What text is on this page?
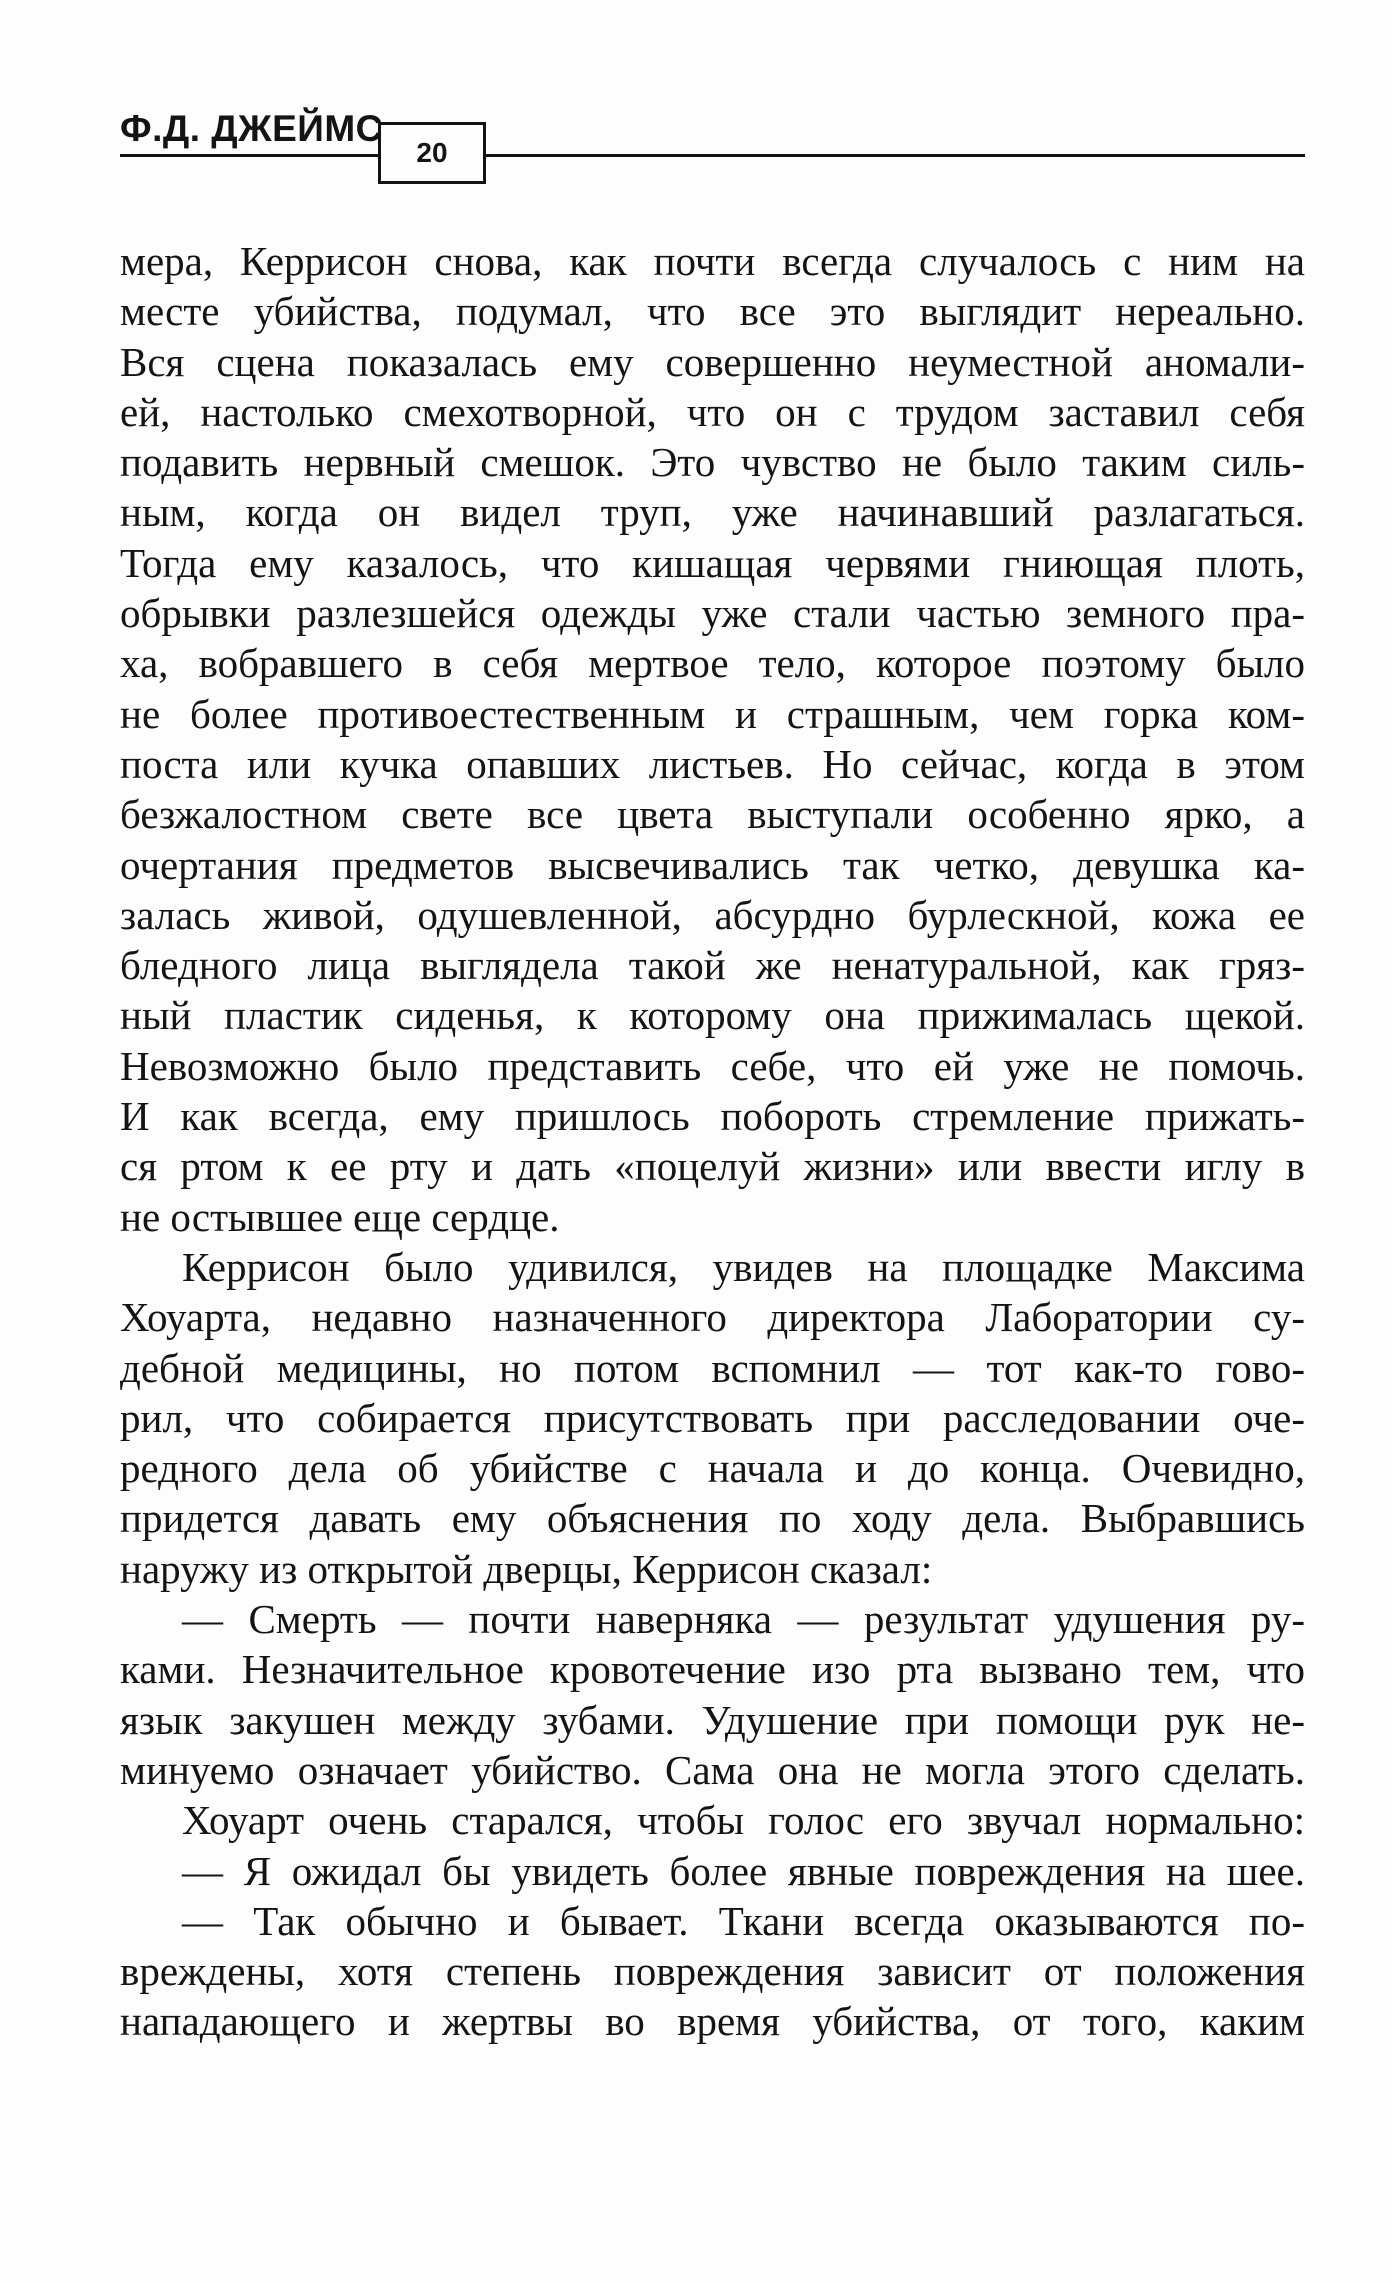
Ф.Д. ДЖЕЙМС
20
мера, Керрисон снова, как почти всегда случалось с ним на
месте убийства, подумал, что все это выглядит нереально.
Вся сцена показалась ему совершенно неуместной аномали-
ей, настолько смехотворной, что он с трудом заставил себя
подавить нервный смешок. Это чувство не было таким силь-
ным, когда он видел труп, уже начинавший разлагаться.
Тогда ему казалось, что кишащая червями гниющая плоть,
обрывки разлезшейся одежды уже стали частью земного пра-
ха, вобравшего в себя мертвое тело, которое поэтому было
не более противоестественным и страшным, чем горка ком-
поста или кучка опавших листьев. Но сейчас, когда в этом
безжалостном свете все цвета выступали особенно ярко, а
очертания предметов высвечивались так четко, девушка ка-
залась живой, одушевленной, абсурдно бурлескной, кожа ее
бледного лица выглядела такой же ненатуральной, как гряз-
ный пластик сиденья, к которому она прижималась щекой.
Невозможно было представить себе, что ей уже не помочь.
И как всегда, ему пришлось побороть стремление прижать-
ся ртом к ее рту и дать «поцелуй жизни» или ввести иглу в
не остывшее еще сердце.
Керрисон было удивился, увидев на площадке Максима
Хоуарта, недавно назначенного директора Лаборатории су-
дебной медицины, но потом вспомнил — тот как-то гово-
рил, что собирается присутствовать при расследовании оче-
редного дела об убийстве с начала и до конца. Очевидно,
придется давать ему объяснения по ходу дела. Выбравшись
наружу из открытой дверцы, Керрисон сказал:
— Смерть — почти наверняка — результат удушения ру-
ками. Незначительное кровотечение изо рта вызвано тем, что
язык закушен между зубами. Удушение при помощи рук не-
минуемо означает убийство. Сама она не могла этого сделать.
Хоуарт очень старался, чтобы голос его звучал нормально:
— Я ожидал бы увидеть более явные повреждения на шее.
— Так обычно и бывает. Ткани всегда оказываются по-
вреждены, хотя степень повреждения зависит от положения
нападающего и жертвы во время убийства, от того, каким
